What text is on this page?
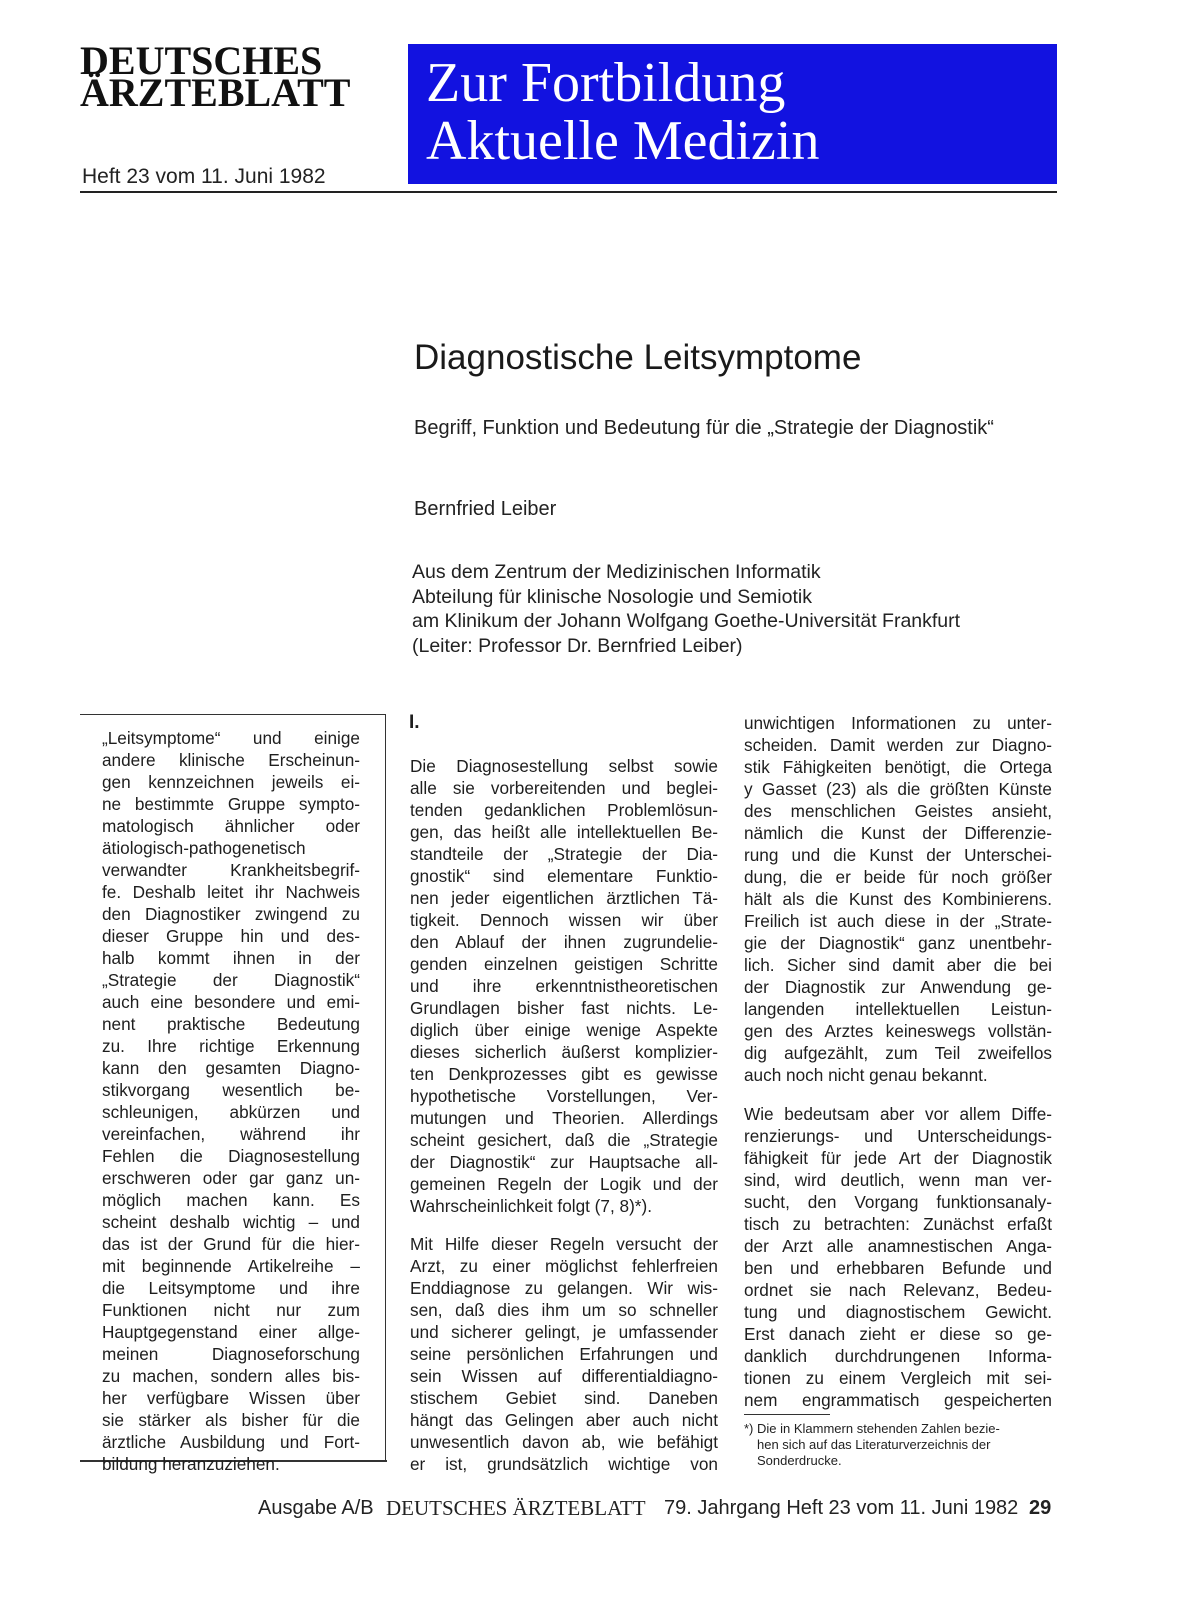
DEUTSCHES
ÄRZTEBLATT
Heft 23 vom 11. Juni 1982
Zur Fortbildung
Aktuelle Medizin
Diagnostische Leitsymptome
Begriff, Funktion und Bedeutung für die „Strategie der Diagnostik“
Bernfried Leiber
Aus dem Zentrum der Medizinischen Informatik
Abteilung für klinische Nosologie und Semiotik
am Klinikum der Johann Wolfgang Goethe-Universität Frankfurt
(Leiter: Professor Dr. Bernfried Leiber)
„Leitsymptome“ und einige
andere klinische Erscheinun-
gen kennzeichnen jeweils ei-
ne bestimmte Gruppe sympto-
matologisch ähnlicher oder
ätiologisch-pathogenetisch
verwandter Krankheitsbegrif-
fe. Deshalb leitet ihr Nachweis
den Diagnostiker zwingend zu
dieser Gruppe hin und des-
halb kommt ihnen in der
„Strategie der Diagnostik“
auch eine besondere und emi-
nent praktische Bedeutung
zu. Ihre richtige Erkennung
kann den gesamten Diagno-
stikvorgang wesentlich be-
schleunigen, abkürzen und
vereinfachen, während ihr
Fehlen die Diagnosestellung
erschweren oder gar ganz un-
möglich machen kann. Es
scheint deshalb wichtig – und
das ist der Grund für die hier-
mit beginnende Artikelreihe –
die Leitsymptome und ihre
Funktionen nicht nur zum
Hauptgegenstand einer allge-
meinen Diagnoseforschung
zu machen, sondern alles bis-
her verfügbare Wissen über
sie stärker als bisher für die
ärztliche Ausbildung und Fort-
bildung heranzuziehen.
I.
Die Diagnosestellung selbst sowie
alle sie vorbereitenden und beglei-
tenden gedanklichen Problemlösun-
gen, das heißt alle intellektuellen Be-
standteile der „Strategie der Dia-
gnostik“ sind elementare Funktio-
nen jeder eigentlichen ärztlichen Tä-
tigkeit. Dennoch wissen wir über
den Ablauf der ihnen zugrundelie-
genden einzelnen geistigen Schritte
und ihre erkenntnistheoretischen
Grundlagen bisher fast nichts. Le-
diglich über einige wenige Aspekte
dieses sicherlich äußerst komplizier-
ten Denkprozesses gibt es gewisse
hypothetische Vorstellungen, Ver-
mutungen und Theorien. Allerdings
scheint gesichert, daß die „Strategie
der Diagnostik“ zur Hauptsache all-
gemeinen Regeln der Logik und der
Wahrscheinlichkeit folgt (7, 8)*).
Mit Hilfe dieser Regeln versucht der
Arzt, zu einer möglichst fehlerfreien
Enddiagnose zu gelangen. Wir wis-
sen, daß dies ihm um so schneller
und sicherer gelingt, je umfassender
seine persönlichen Erfahrungen und
sein Wissen auf differentialdiagno-
stischem Gebiet sind. Daneben
hängt das Gelingen aber auch nicht
unwesentlich davon ab, wie befähigt
er ist, grundsätzlich wichtige von
unwichtigen Informationen zu unter-
scheiden. Damit werden zur Diagno-
stik Fähigkeiten benötigt, die Ortega
y Gasset (23) als die größten Künste
des menschlichen Geistes ansieht,
nämlich die Kunst der Differenzie-
rung und die Kunst der Unterschei-
dung, die er beide für noch größer
hält als die Kunst des Kombinierens.
Freilich ist auch diese in der „Strate-
gie der Diagnostik“ ganz unentbehr-
lich. Sicher sind damit aber die bei
der Diagnostik zur Anwendung ge-
langenden intellektuellen Leistun-
gen des Arztes keineswegs vollstän-
dig aufgezählt, zum Teil zweifellos
auch noch nicht genau bekannt.
Wie bedeutsam aber vor allem Diffe-
renzierungs- und Unterscheidungs-
fähigkeit für jede Art der Diagnostik
sind, wird deutlich, wenn man ver-
sucht, den Vorgang funktionsanaly-
tisch zu betrachten: Zunächst erfaßt
der Arzt alle anamnestischen Anga-
ben und erhebbaren Befunde und
ordnet sie nach Relevanz, Bedeu-
tung und diagnostischem Gewicht.
Erst danach zieht er diese so ge-
danklich durchdrungenen Informa-
tionen zu einem Vergleich mit sei-
nem engrammatisch gespeicherten
*) Die in Klammern stehenden Zahlen bezie-
hen sich auf das Literaturverzeichnis der
Sonderdrucke.
Ausgabe A/B DEUTSCHES ÄRZTEBLATT 79. Jahrgang Heft 23 vom 11. Juni 1982 29
